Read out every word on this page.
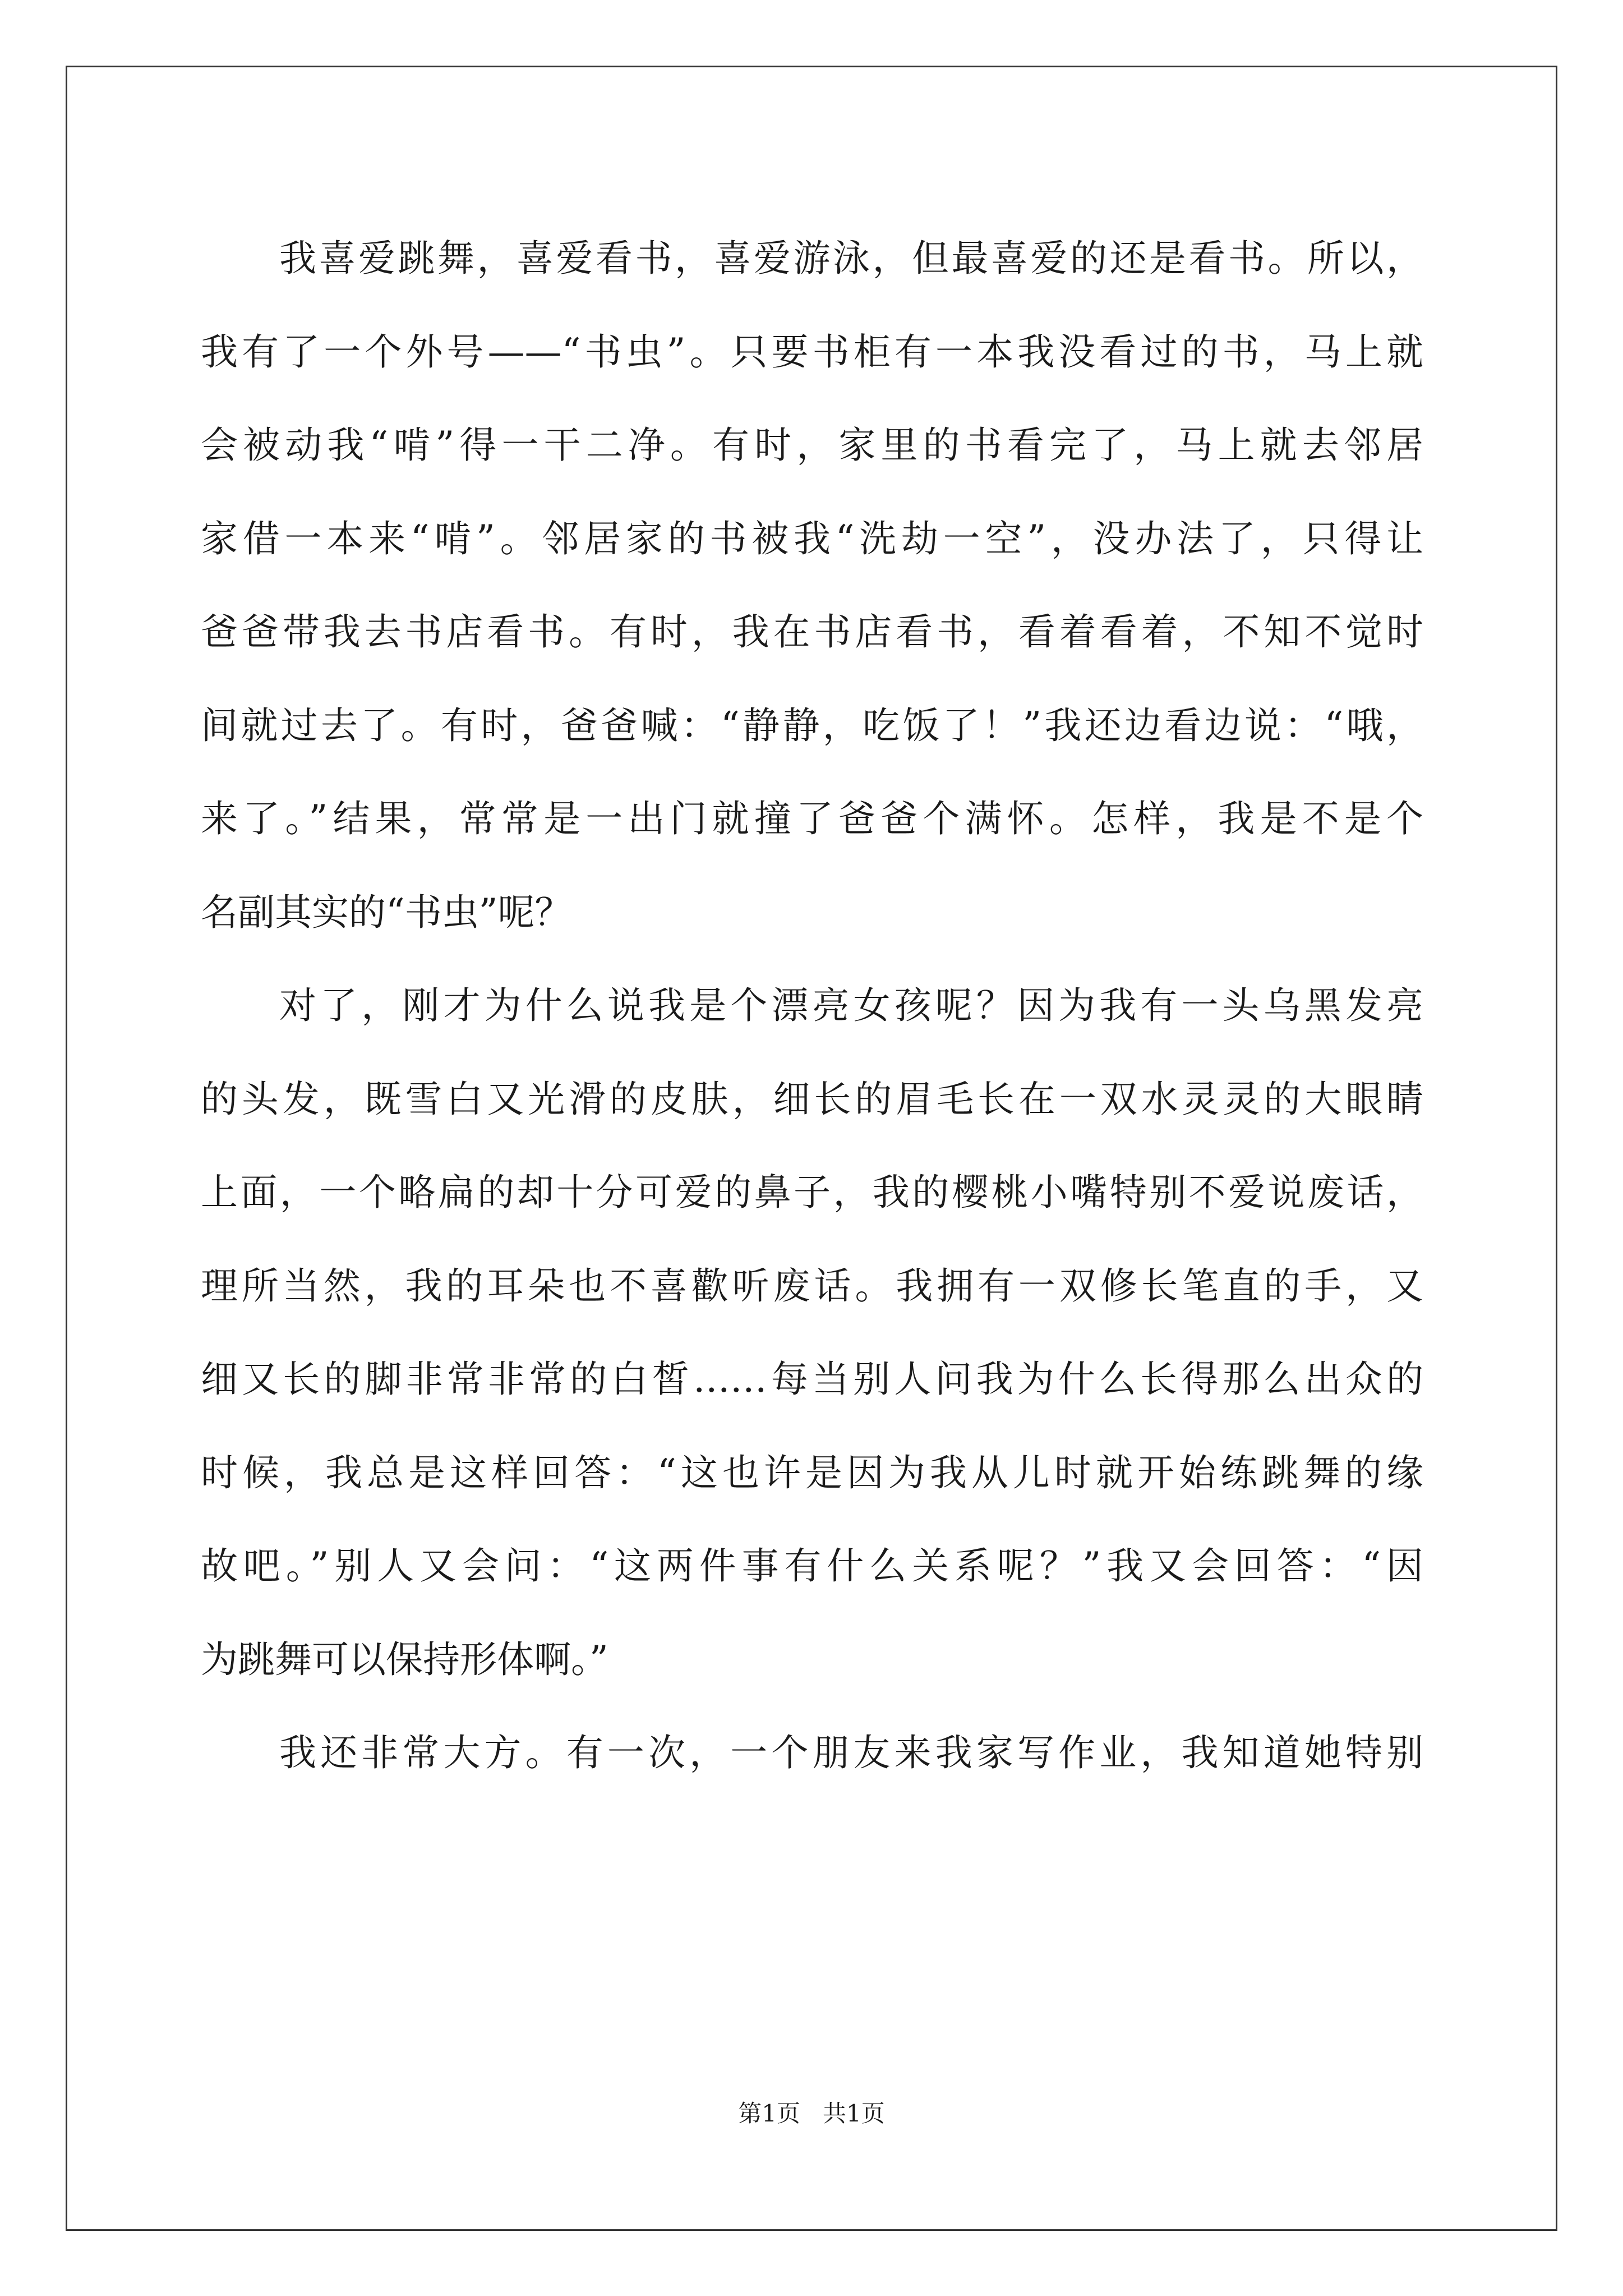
我喜爱跳舞，喜爱看书，喜爱游泳，但最喜爱的还是看书。所以，
我有了一个外号——“书虫”。只要书柜有一本我没看过的书，马上就
会被动我“啃”得一干二净。有时，家里的书看完了，马上就去邻居
家借一本来“啃”。邻居家的书被我“洗劫一空”，没办法了，只得让
爸爸带我去书店看书。有时，我在书店看书，看着看着，不知不觉时
间就过去了。有时，爸爸喊：“静静，吃饭了！”我还边看边说：“哦，
来了。”结果，常常是一出门就撞了爸爸个满怀。怎样，我是不是个
名副其实的“书虫”呢？
对了，刚才为什么说我是个漂亮女孩呢？因为我有一头乌黑发亮
的头发，既雪白又光滑的皮肤，细长的眉毛长在一双水灵灵的大眼睛
上面，一个略扁的却十分可爱的鼻子，我的樱桃小嘴特别不爱说废话，
理所当然，我的耳朵也不喜歡听废话。我拥有一双修长笔直的手，又
细又长的脚非常非常的白皙……每当别人问我为什么长得那么出众的
时候，我总是这样回答：“这也许是因为我从儿时就开始练跳舞的缘
故吧。”别人又会问：“这两件事有什么关系呢？”我又会回答：“因
为跳舞可以保持形体啊。”
我还非常大方。有一次，一个朋友来我家写作业，我知道她特别
第1页 共1页
